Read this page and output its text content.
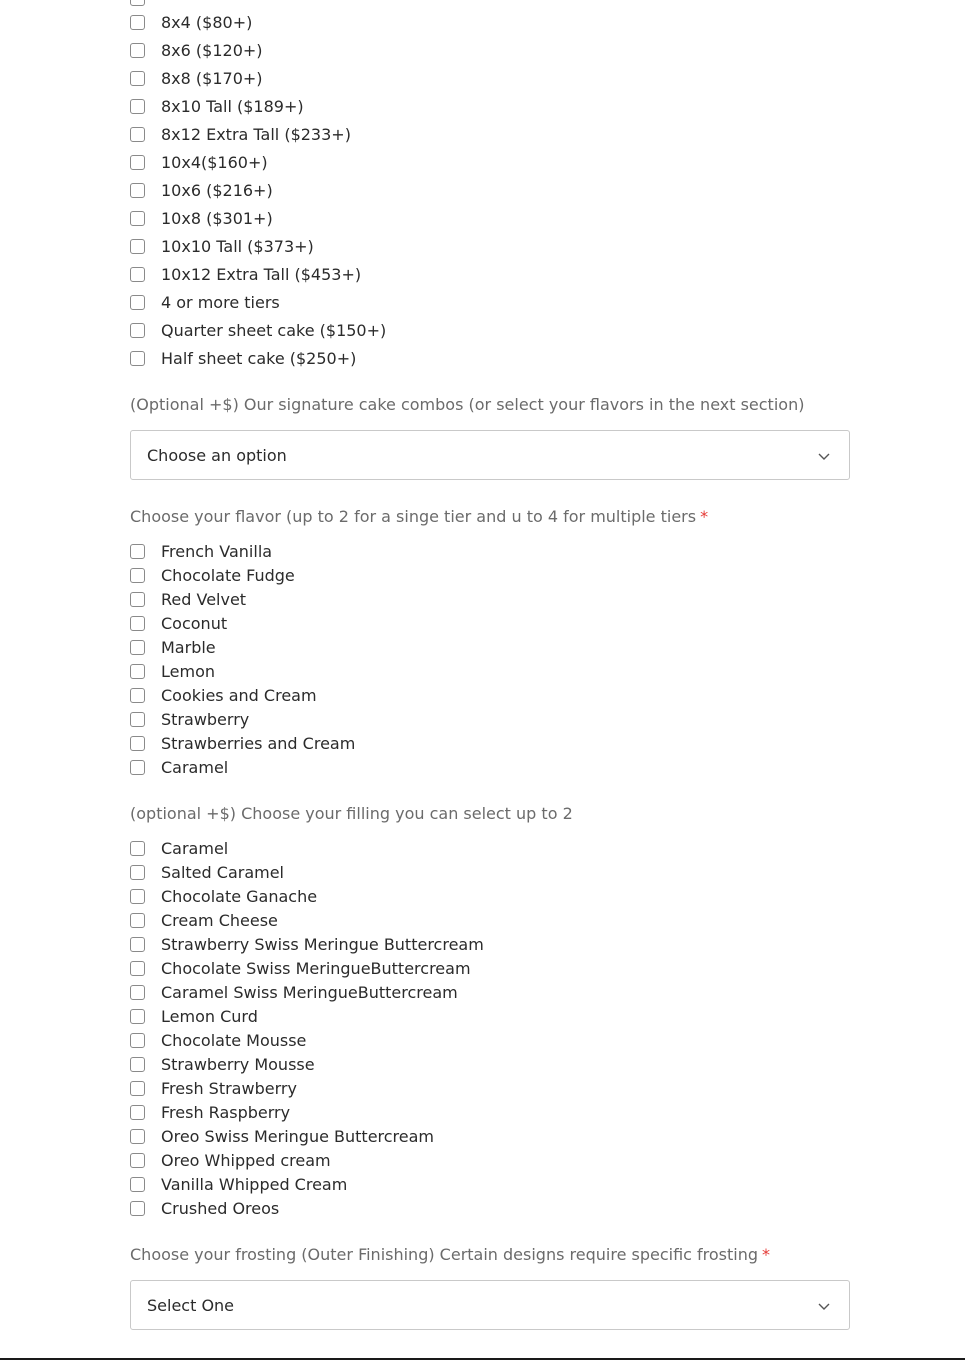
8x4 ($80+)
8x6 ($120+)
8x8 ($170+)
8x10 Tall ($189+)
8x12 Extra Tall ($233+)
10x4($160+)
10x6 ($216+)
10x8 ($301+)
10x10 Tall ($373+)
10x12 Extra Tall ($453+)
4 or more tiers
Quarter sheet cake ($150+)
Half sheet cake ($250+)
(Optional +$) Our signature cake combos (or select your flavors in the next section)
Choose an option
Choose your flavor (up to 2 for a singe tier and u to 4 for multiple tiers *
French Vanilla
Chocolate Fudge
Red Velvet
Coconut
Marble
Lemon
Cookies and Cream
Strawberry
Strawberries and Cream
Caramel
(optional +$) Choose your filling you can select up to 2
Caramel
Salted Caramel
Chocolate Ganache
Cream Cheese
Strawberry Swiss Meringue Buttercream
Chocolate Swiss MeringueButtercream
Caramel Swiss MeringueButtercream
Lemon Curd
Chocolate Mousse
Strawberry Mousse
Fresh Strawberry
Fresh Raspberry
Oreo Swiss Meringue Buttercream
Oreo Whipped cream
Vanilla Whipped Cream
Crushed Oreos
Choose your frosting (Outer Finishing) Certain designs require specific frosting *
Select One
